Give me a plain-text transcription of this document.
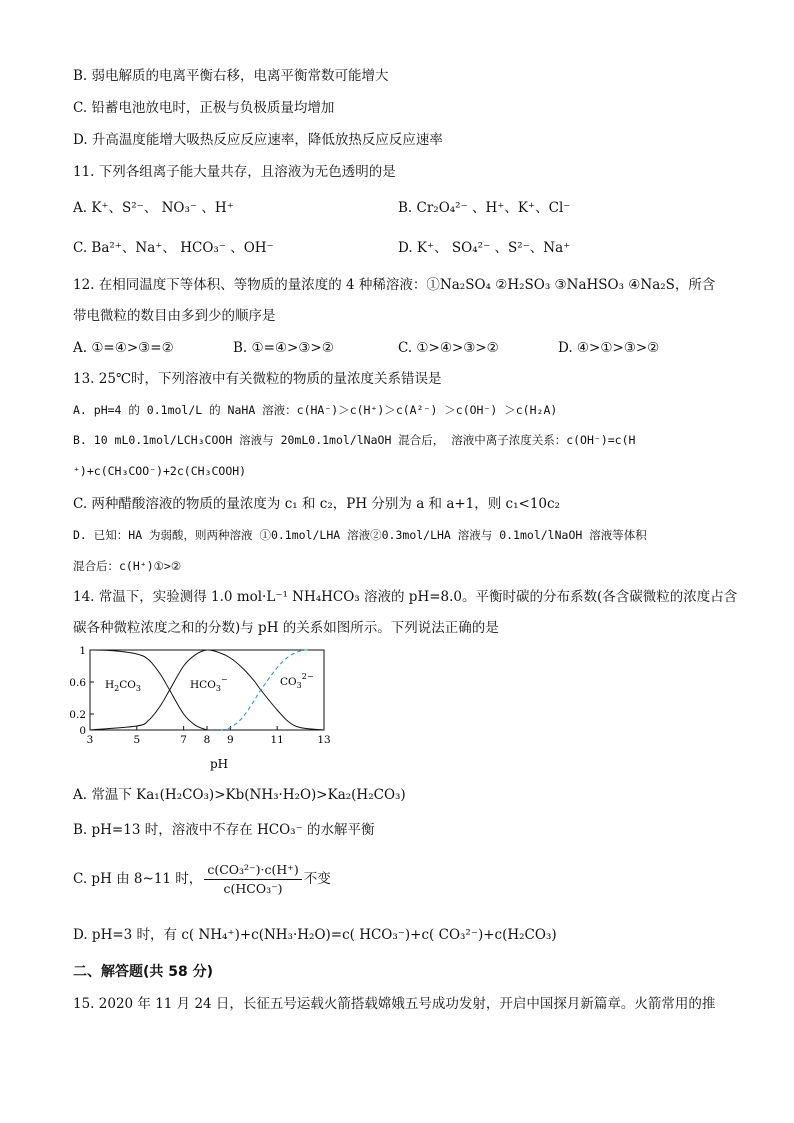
B. 弱电解质的电离平衡右移，电离平衡常数可能增大
C. 铅蓄电池放电时，正极与负极质量均增加
D. 升高温度能增大吸热反应反应速率，降低放热反应反应速率
11. 下列各组离子能大量共存，且溶液为无色透明的是
A. K⁺、S²⁻、 NO₃⁻ 、H⁺	B. Cr₂O₄²⁻ 、H⁺、K⁺、Cl⁻
C. Ba²⁺、Na⁺、 HCO₃⁻ 、OH⁻	D. K⁺、 SO₄²⁻ 、S²⁻、Na⁺
12. 在相同温度下等体积、等物质的量浓度的 4 种稀溶液：①Na₂SO₄ ②H₂SO₃ ③NaHSO₃ ④Na₂S，所含
带电微粒的数目由多到少的顺序是
A. ①=④>③=②	B. ①=④>③>②	C. ①>④>③>②	D. ④>①>③>②
13. 25℃时，下列溶液中有关微粒的物质的量浓度关系错误是
A. pH=4 的 0.1mol/L 的 NaHA 溶液：c(HA⁻)＞c(H⁺)＞c(A²⁻) ＞c(OH⁻) ＞c(H₂A)
B. 10 mL0.1mol/LCH₃COOH 溶液与 20mL0.1mol/lNaOH 混合后， 溶液中离子浓度关系：c(OH⁻)=c(H
⁺)+c(CH₃COO⁻)+2c(CH₃COOH)
C. 两种醋酸溶液的物质的量浓度为 c₁ 和 c₂，PH 分别为 a 和 a+1，则 c₁<10c₂
D. 已知：HA 为弱酸，则两种溶液 ①0.1mol/LHA 溶液②0.3mol/LHA 溶液与 0.1mol/lNaOH 溶液等体积
混合后：c(H⁺)①>②
14. 常温下，实验测得 1.0 mol·L⁻¹ NH₄HCO₃ 溶液的 pH=8.0。平衡时碳的分布系数(各含碳微粒的浓度占含
碳各种微粒浓度之和的分数)与 pH 的关系如图所示。下列说法正确的是
1
0.6
0.2
0
3	5	7 8 9	11	13
$H_2CO_3$	$HCO_3^-$	$CO_3^{2-}$
pH
A. 常温下 Ka₁(H₂CO₃)>Kb(NH₃·H₂O)>Ka₂(H₂CO₃)
B. pH=13 时，溶液中不存在 HCO₃⁻ 的水解平衡
C. pH 由 8~11 时， $\frac{\text{c(CO₃²⁻)·c(H⁺)}}{\text{c(HCO₃⁻)}}$ 不变
D. pH=3 时，有 c( NH₄⁺)+c(NH₃·H₂O)=c( HCO₃⁻)+c( CO₃²⁻)+c(H₂CO₃)
二、解答题(共 58 分)
15. 2020 年 11 月 24 日，长征五号运载火箭搭载嫦娥五号成功发射，开启中国探月新篇章。火箭常用的推
